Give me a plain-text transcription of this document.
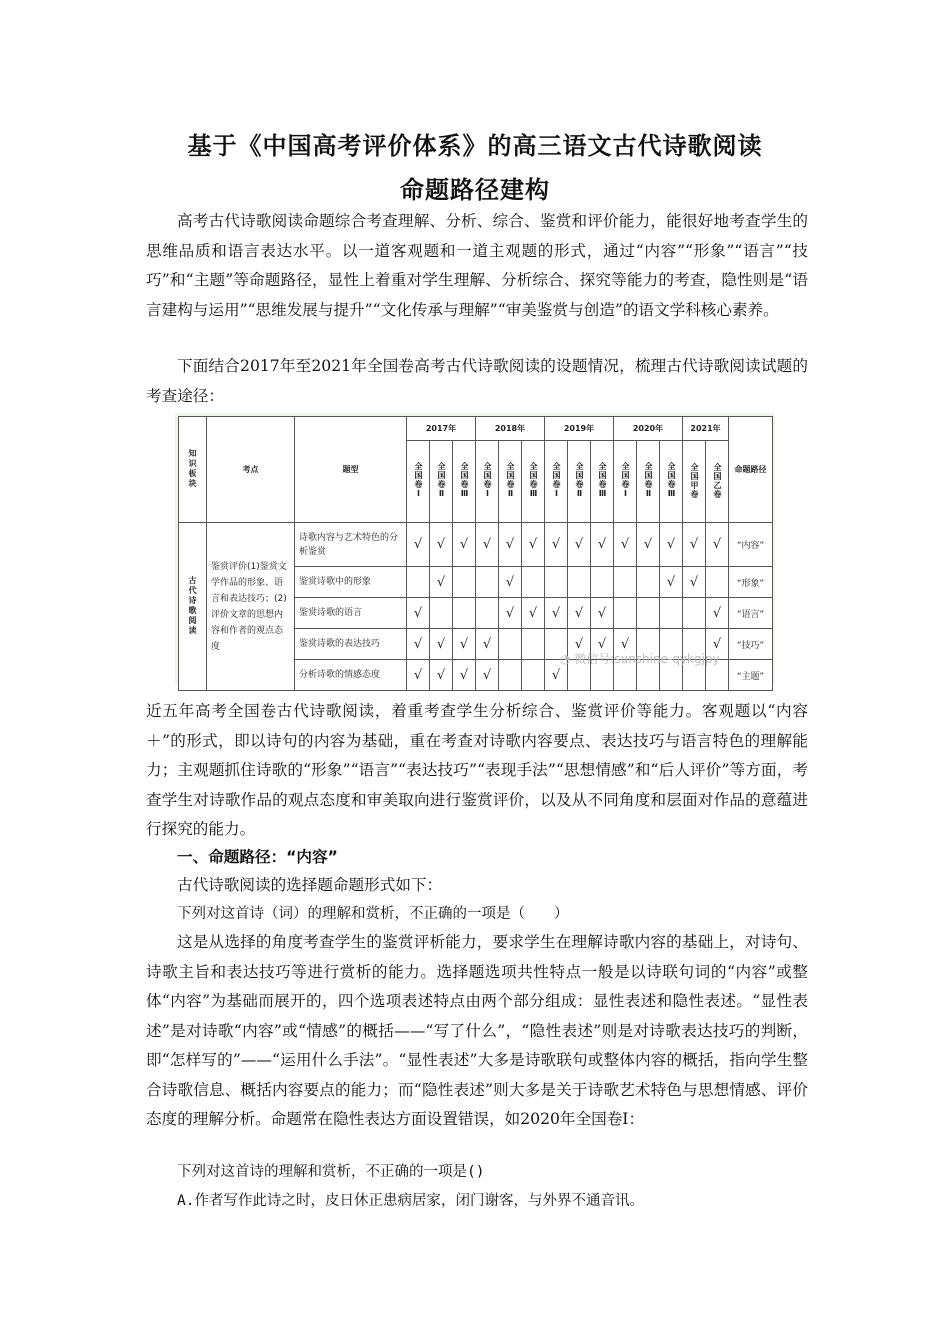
基于《中国高考评价体系》的高三语文古代诗歌阅读
命题路径建构
高考古代诗歌阅读命题综合考查理解、分析、综合、鉴赏和评价能力，能很好地考查学生的思维品质和语言表达水平。以一道客观题和一道主观题的形式，通过“内容”“形象”“语言”“技巧”和“主题”等命题路径，显性上着重对学生理解、分析综合、探究等能力的考查，隐性则是“语言建构与运用”“思维发展与提升”“文化传承与理解”“审美鉴赏与创造”的语文学科核心素养。
下面结合2017年至2021年全国卷高考古代诗歌阅读的设题情况，梳理古代诗歌阅读试题的考查途径：
知识板块	考点	题型	2017年			2018年			2019年			2020年			2021年		命题路径
			全国卷Ⅰ	全国卷Ⅱ	全国卷Ⅲ	全国卷Ⅰ	全国卷Ⅱ	全国卷Ⅲ	全国卷Ⅰ	全国卷Ⅱ	全国卷Ⅲ	全国卷Ⅰ	全国卷Ⅱ	全国卷Ⅲ	全国甲卷	全国乙卷	
古代诗歌阅读	鉴赏评价(1)鉴赏文学作品的形象、语言和表达技巧；(2)评价文章的思想内容和作者的观点态度	诗歌内容与艺术特色的分析鉴赏	√	√	√	√	√	√	√	√	√	√	√	√	√	√	“内容”
		鉴赏诗歌中的形象		√			√							√	√		“形象”
		鉴赏诗歌的语言	√				√	√	√	√	√					√	“语言”
		鉴赏诗歌的表达技巧	√	√	√	√				√	√	√				√	“技巧”
		分析诗歌的情感态度	√	√	√	√			√								“主题”
◔ 微信号:sunshine-qykgjpy
近五年高考全国卷古代诗歌阅读，着重考查学生分析综合、鉴赏评价等能力。客观题以“内容＋”的形式，即以诗句的内容为基础，重在考查对诗歌内容要点、表达技巧与语言特色的理解能力；主观题抓住诗歌的“形象”“语言”“表达技巧”“表现手法”“思想情感”和“后人评价”等方面，考查学生对诗歌作品的观点态度和审美取向进行鉴赏评价，以及从不同角度和层面对作品的意蕴进行探究的能力。
一、命题路径：“内容”
古代诗歌阅读的选择题命题形式如下：
下列对这首诗（词）的理解和赏析，不正确的一项是（　　）
这是从选择的角度考查学生的鉴赏评析能力，要求学生在理解诗歌内容的基础上，对诗句、诗歌主旨和表达技巧等进行赏析的能力。选择题选项共性特点一般是以诗联句词的“内容”或整体“内容”为基础而展开的，四个选项表述特点由两个部分组成：显性表述和隐性表述。“显性表述”是对诗歌“内容”或“情感”的概括——“写了什么”，“隐性表述”则是对诗歌表达技巧的判断，即“怎样写的”——“运用什么手法”。“显性表述”大多是诗歌联句或整体内容的概括，指向学生整合诗歌信息、概括内容要点的能力；而“隐性表述”则大多是关于诗歌艺术特色与思想情感、评价态度的理解分析。命题常在隐性表达方面设置错误，如2020年全国卷Ⅰ：
下列对这首诗的理解和赏析，不正确的一项是()
A.作者写作此诗之时，皮日休正患病居家，闭门谢客，与外界不通音讯。
